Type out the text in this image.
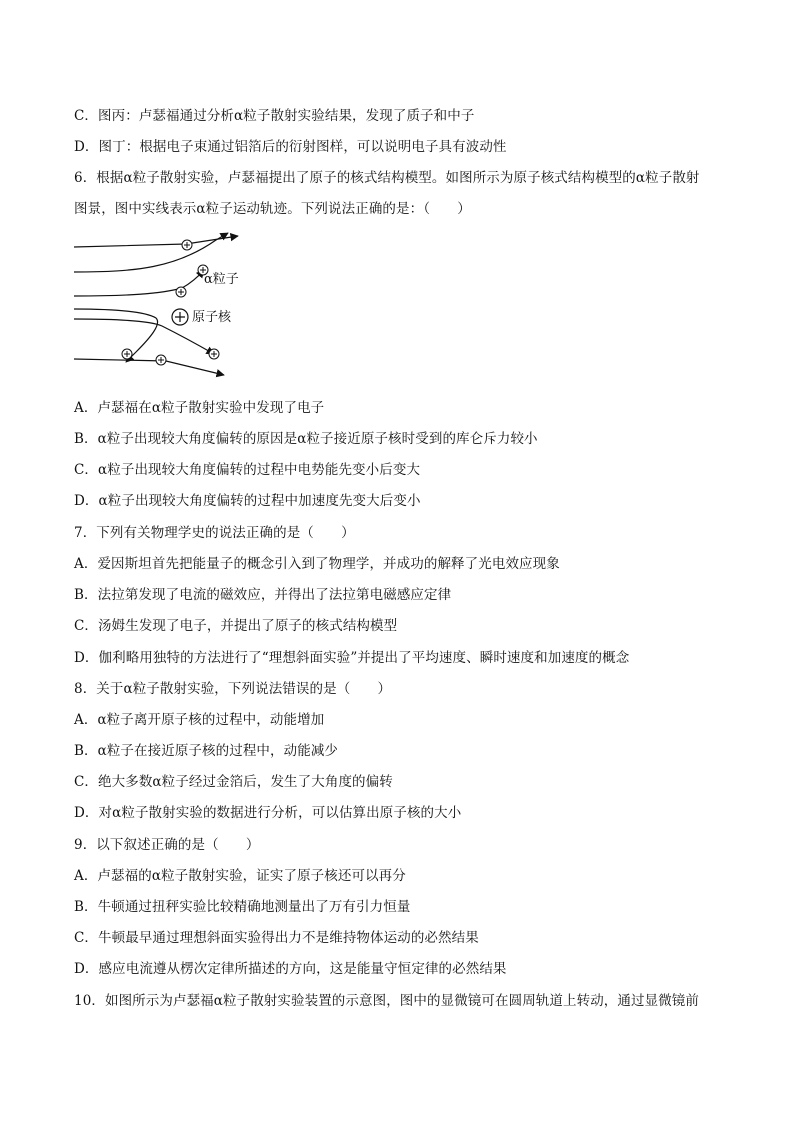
C．图丙：卢瑟福通过分析α粒子散射实验结果，发现了质子和中子
D．图丁：根据电子束通过铝箔后的衍射图样，可以说明电子具有波动性
6．根据α粒子散射实验，卢瑟福提出了原子的核式结构模型。如图所示为原子核式结构模型的α粒子散射
图景，图中实线表示α粒子运动轨迹。下列说法正确的是：（　　）
α粒子
原子核
A．卢瑟福在α粒子散射实验中发现了电子
B．α粒子出现较大角度偏转的原因是α粒子接近原子核时受到的库仑斥力较小
C．α粒子出现较大角度偏转的过程中电势能先变小后变大
D．α粒子出现较大角度偏转的过程中加速度先变大后变小
7．下列有关物理学史的说法正确的是（　　）
A．爱因斯坦首先把能量子的概念引入到了物理学，并成功的解释了光电效应现象
B．法拉第发现了电流的磁效应，并得出了法拉第电磁感应定律
C．汤姆生发现了电子，并提出了原子的核式结构模型
D．伽利略用独特的方法进行了“理想斜面实验”并提出了平均速度、瞬时速度和加速度的概念
8．关于α粒子散射实验，下列说法错误的是（　　）
A．α粒子离开原子核的过程中，动能增加
B．α粒子在接近原子核的过程中，动能减少
C．绝大多数α粒子经过金箔后，发生了大角度的偏转
D．对α粒子散射实验的数据进行分析，可以估算出原子核的大小
9．以下叙述正确的是（　　）
A．卢瑟福的α粒子散射实验，证实了原子核还可以再分
B．牛顿通过扭秤实验比较精确地测量出了万有引力恒量
C．牛顿最早通过理想斜面实验得出力不是维持物体运动的必然结果
D．感应电流遵从楞次定律所描述的方向，这是能量守恒定律的必然结果
10．如图所示为卢瑟福α粒子散射实验装置的示意图，图中的显微镜可在圆周轨道上转动，通过显微镜前
